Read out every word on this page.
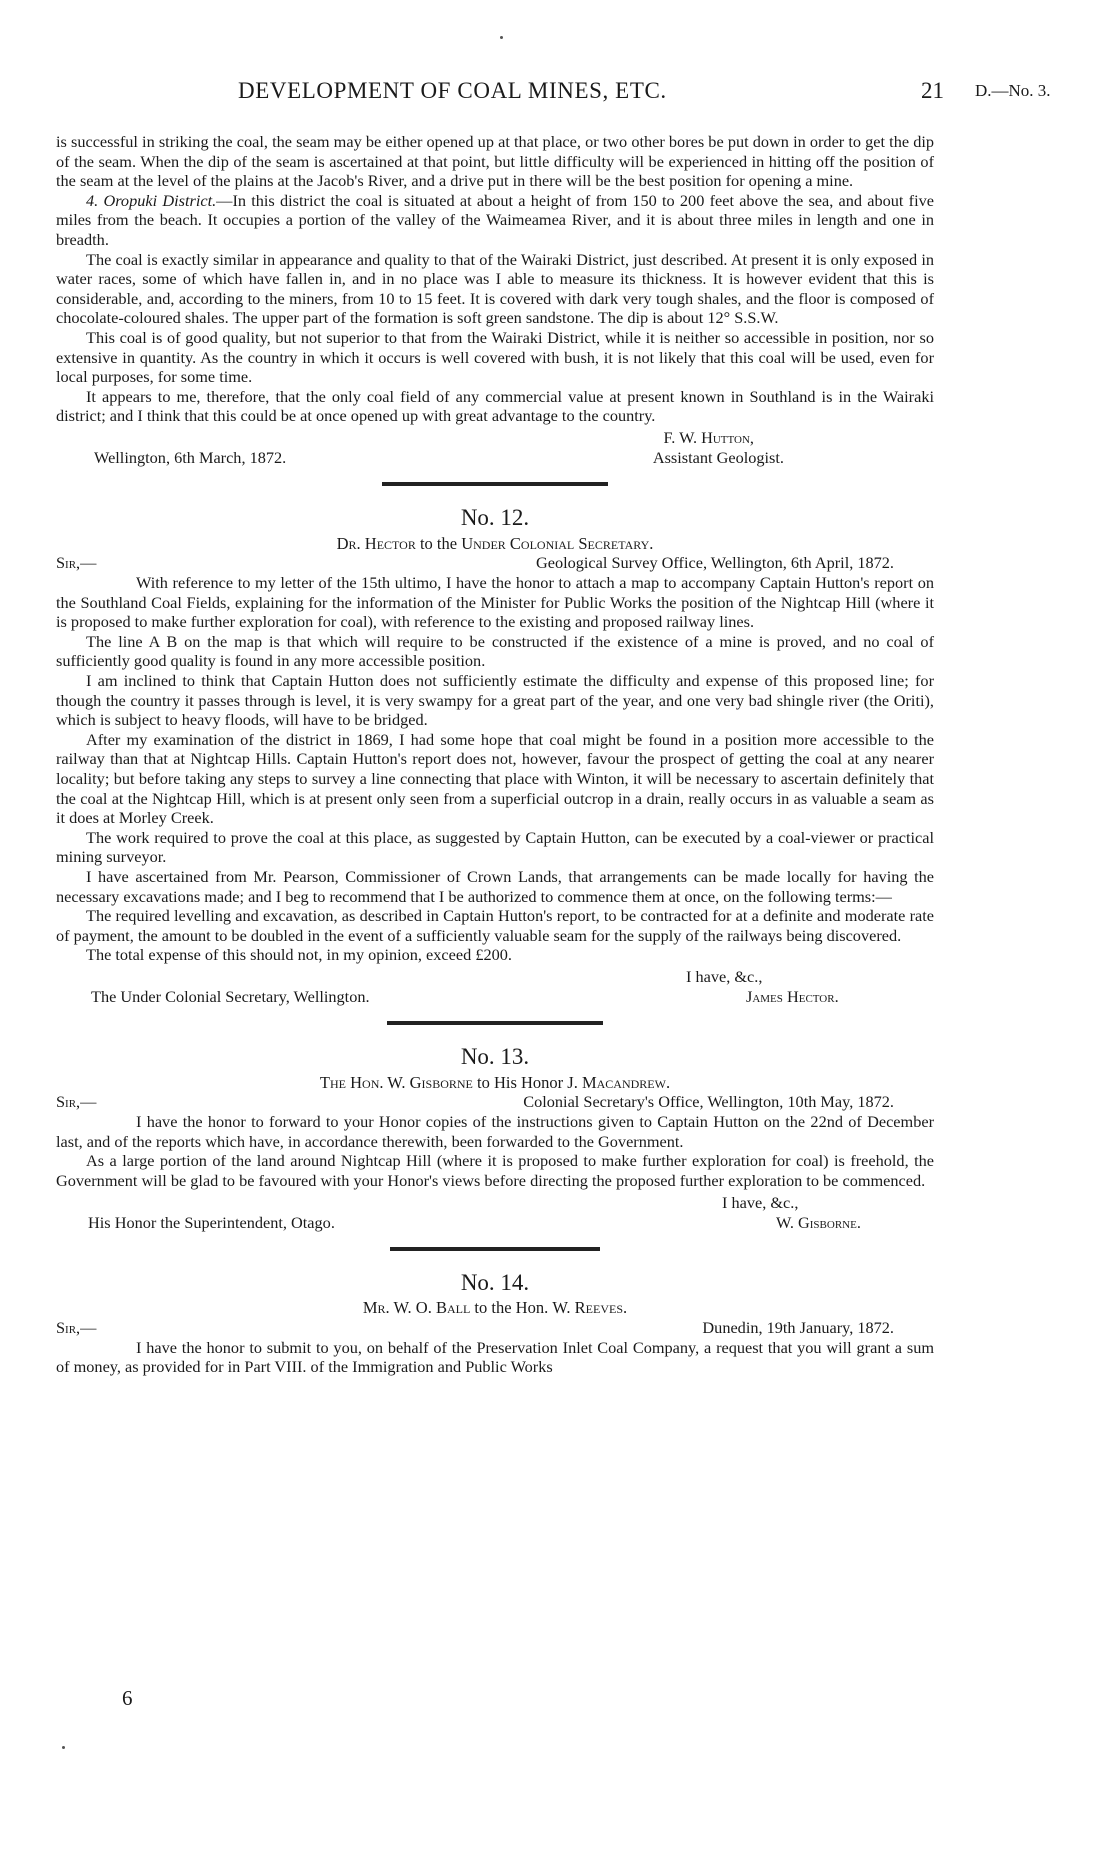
DEVELOPMENT OF COAL MINES, ETC.	21 D.—No. 3.

is successful in striking the coal, the seam may be either opened up at that place, or two other bores be put down in order to get the dip of the seam. When the dip of the seam is ascertained at that point, but little difficulty will be experienced in hitting off the position of the seam at the level of the plains at the Jacob's River, and a drive put in there will be the best position for opening a mine.

4. Oropuki District.—In this district the coal is situated at about a height of from 150 to 200 feet above the sea, and about five miles from the beach. It occupies a portion of the valley of the Waimeamea River, and it is about three miles in length and one in breadth.

The coal is exactly similar in appearance and quality to that of the Wairaki District, just described. At present it is only exposed in water races, some of which have fallen in, and in no place was I able to measure its thickness. It is however evident that this is considerable, and, according to the miners, from 10 to 15 feet. It is covered with dark very tough shales, and the floor is composed of chocolate-coloured shales. The upper part of the formation is soft green sandstone. The dip is about 12° S.S.W.

This coal is of good quality, but not superior to that from the Wairaki District, while it is neither so accessible in position, nor so extensive in quantity. As the country in which it occurs is well covered with bush, it is not likely that this coal will be used, even for local purposes, for some time.

It appears to me, therefore, that the only coal field of any commercial value at present known in Southland is in the Wairaki district; and I think that this could be at once opened up with great advantage to the country.

F. W. Hutton,
Assistant Geologist.
Wellington, 6th March, 1872.
No. 12.
Dr. Hector to the Under Colonial Secretary.
Sir,—	Geological Survey Office, Wellington, 6th April, 1872.

With reference to my letter of the 15th ultimo, I have the honor to attach a map to accompany Captain Hutton's report on the Southland Coal Fields, explaining for the information of the Minister for Public Works the position of the Nightcap Hill (where it is proposed to make further exploration for coal), with reference to the existing and proposed railway lines.

The line A B on the map is that which will require to be constructed if the existence of a mine is proved, and no coal of sufficiently good quality is found in any more accessible position.

I am inclined to think that Captain Hutton does not sufficiently estimate the difficulty and expense of this proposed line; for though the country it passes through is level, it is very swampy for a great part of the year, and one very bad shingle river (the Oriti), which is subject to heavy floods, will have to be bridged.

After my examination of the district in 1869, I had some hope that coal might be found in a position more accessible to the railway than that at Nightcap Hills. Captain Hutton's report does not, however, favour the prospect of getting the coal at any nearer locality; but before taking any steps to survey a line connecting that place with Winton, it will be necessary to ascertain definitely that the coal at the Nightcap Hill, which is at present only seen from a superficial outcrop in a drain, really occurs in as valuable a seam as it does at Morley Creek.

The work required to prove the coal at this place, as suggested by Captain Hutton, can be executed by a coal-viewer or practical mining surveyor.

I have ascertained from Mr. Pearson, Commissioner of Crown Lands, that arrangements can be made locally for having the necessary excavations made; and I beg to recommend that I be authorized to commence them at once, on the following terms:—

The required levelling and excavation, as described in Captain Hutton's report, to be contracted for at a definite and moderate rate of payment, the amount to be doubled in the event of a sufficiently valuable seam for the supply of the railways being discovered.

The total expense of this should not, in my opinion, exceed £200.

I have, &c.,
The Under Colonial Secretary, Wellington.	James Hector.
No. 13.
The Hon. W. Gisborne to His Honor J. Macandrew.
Sir,—	Colonial Secretary's Office, Wellington, 10th May, 1872.

I have the honor to forward to your Honor copies of the instructions given to Captain Hutton on the 22nd of December last, and of the reports which have, in accordance therewith, been forwarded to the Government.

As a large portion of the land around Nightcap Hill (where it is proposed to make further exploration for coal) is freehold, the Government will be glad to be favoured with your Honor's views before directing the proposed further exploration to be commenced.

I have, &c.,
His Honor the Superintendent, Otago.	W. Gisborne.
No. 14.
Mr. W. O. Ball to the Hon. W. Reeves.
Sir,—	Dunedin, 19th January, 1872.

I have the honor to submit to you, on behalf of the Preservation Inlet Coal Company, a request that you will grant a sum of money, as provided for in Part VIII. of the Immigration and Public Works

6
